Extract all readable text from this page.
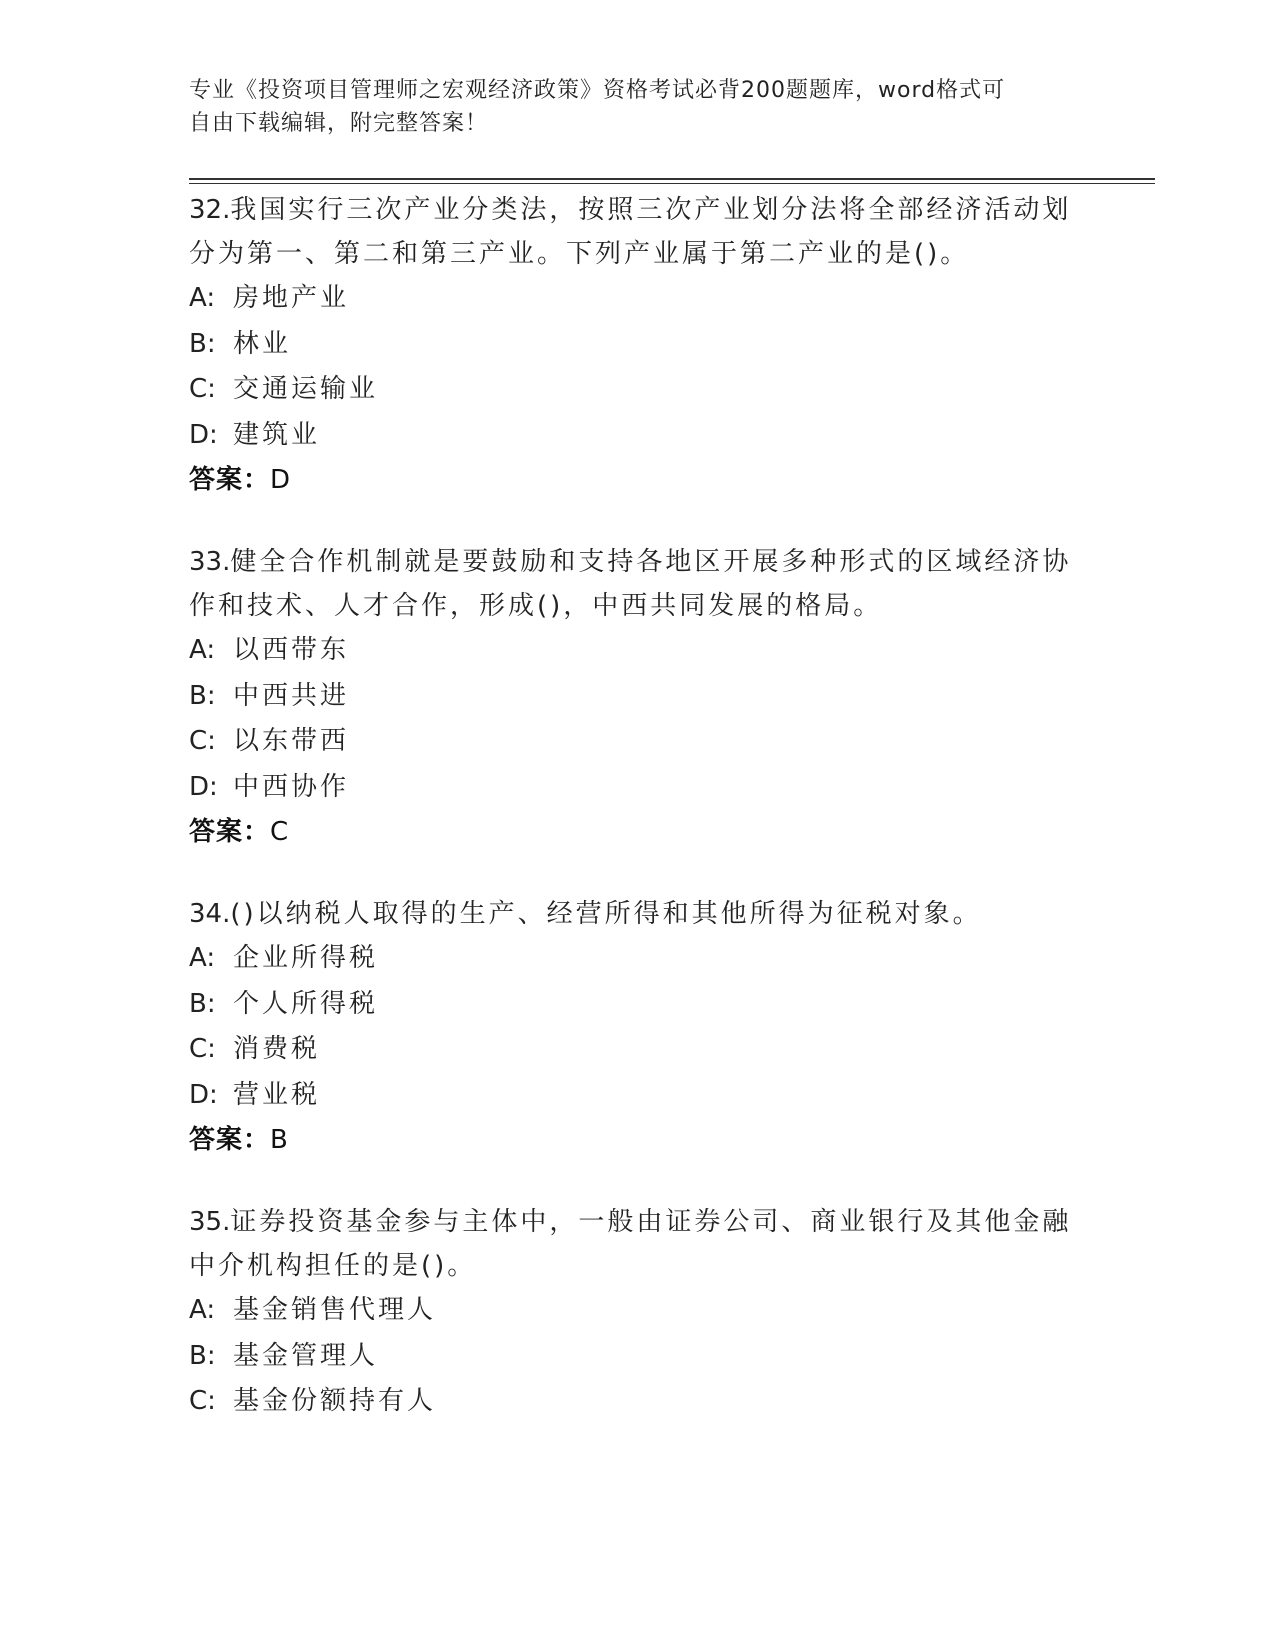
专业《投资项目管理师之宏观经济政策》资格考试必背200题题库，word格式可
自由下载编辑，附完整答案！
32.我国实行三次产业分类法，按照三次产业划分法将全部经济活动划
分为第一、第二和第三产业。下列产业属于第二产业的是()。
A: 房地产业
B: 林业
C: 交通运输业
D: 建筑业
答案：D
33.健全合作机制就是要鼓励和支持各地区开展多种形式的区域经济协
作和技术、人才合作，形成()，中西共同发展的格局。
A: 以西带东
B: 中西共进
C: 以东带西
D: 中西协作
答案：C
34.()以纳税人取得的生产、经营所得和其他所得为征税对象。
A: 企业所得税
B: 个人所得税
C: 消费税
D: 营业税
答案：B
35.证券投资基金参与主体中，一般由证券公司、商业银行及其他金融
中介机构担任的是()。
A: 基金销售代理人
B: 基金管理人
C: 基金份额持有人
